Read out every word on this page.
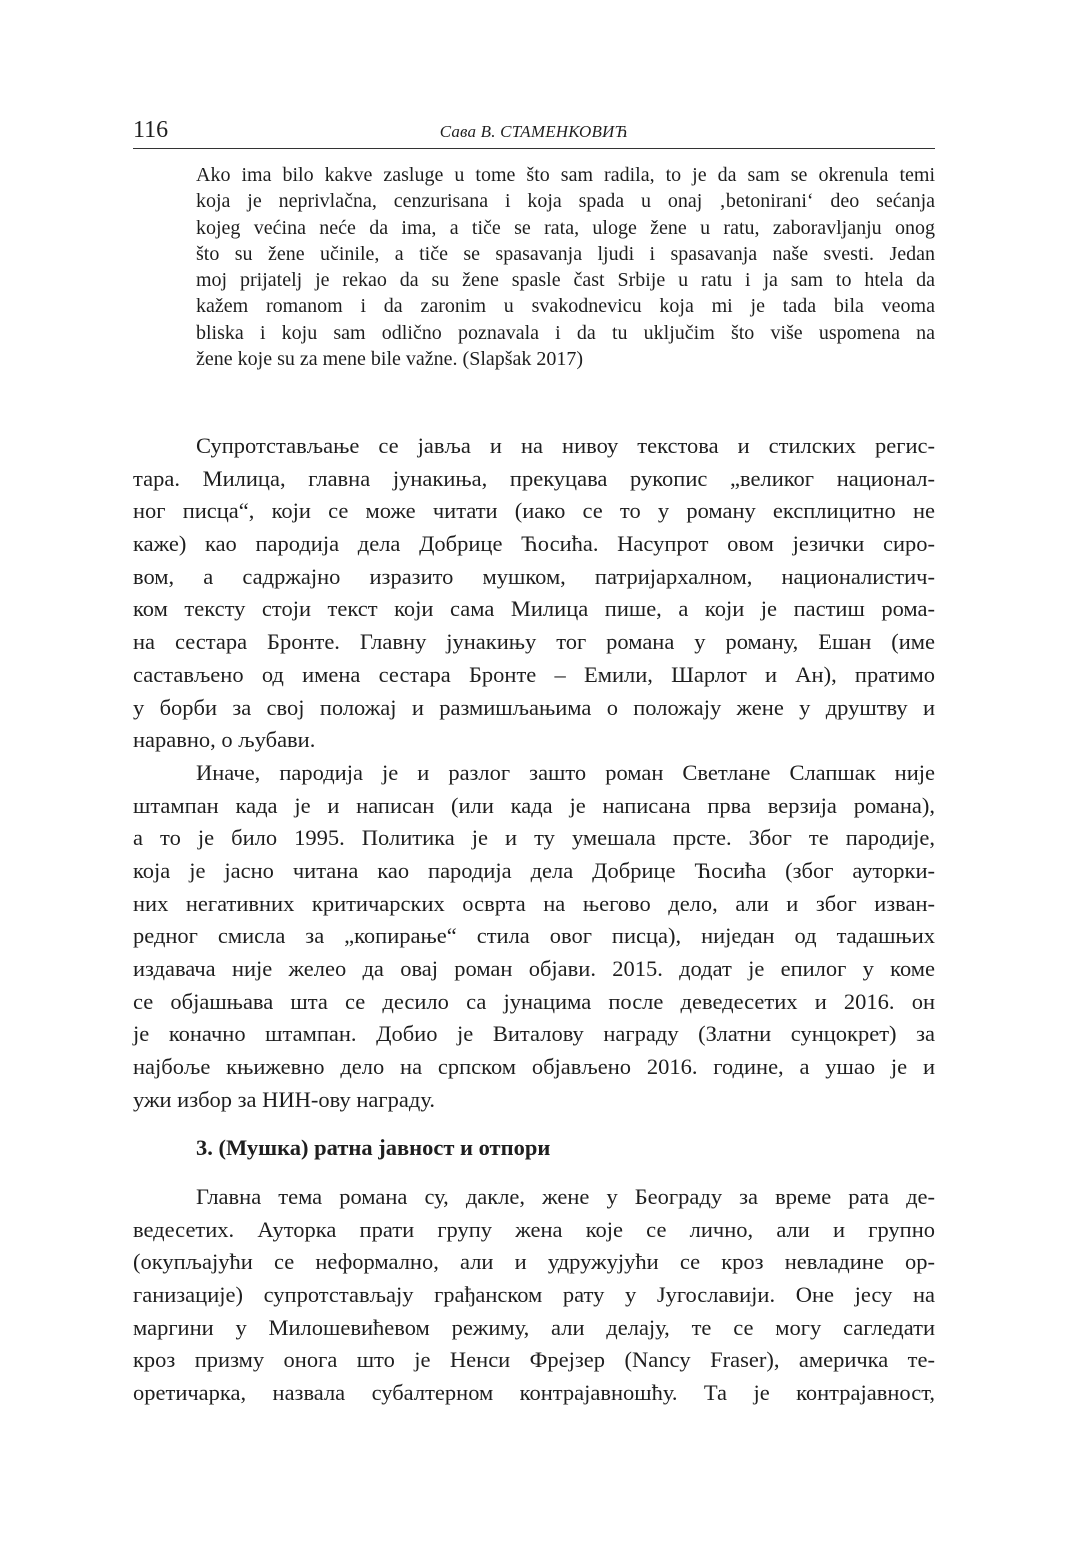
116	Сава В. СТАМЕНКОВИЋ
Ako ima bilo kakve zasluge u tome što sam radila, to je da sam se okrenula temi
koja je neprivlačna, cenzurisana i koja spada u onaj ‚betonirani‘ deo sećanja
kojeg većina neće da ima, a tiče se rata, uloge žene u ratu, zaboravljanju onog
što su žene učinile, a tiče se spasavanja ljudi i spasavanja naše svesti. Jedan
moj prijatelj je rekao da su žene spasle čast Srbije u ratu i ja sam to htela da
kažem romanom i da zaronim u svakodnevicu koja mi je tada bila veoma
bliska i koju sam odlično poznavala i da tu uključim što više uspomena na
žene koje su za mene bile važne. (Slapšak 2017)
Супротстављање се јавља и на нивоу текстова и стилских регис-
тара. Милица, главна јунакиња, прекуцава рукопис „великог национал-
ног писца“, који се може читати (иако се то у роману експлицитно не
каже) као пародија дела Добрице Ћосића. Насупрот овом језички сиро-
вом, а садржајно изразито мушком, патријархалном, националистич-
ком тексту стоји текст који сама Милица пише, а који је пастиш рома-
на сестара Бронте. Главну јунакињу тог романа у роману, Ешан (име
састављено од имена сестара Бронте – Емили, Шарлот и Ан), пратимо
у борби за свој положај и размишљањима о положају жене у друштву и
наравно, о љубави.
Иначе, пародија је и разлог зашто роман Светлане Слапшак није
штампан када је и написан (или када је написана прва верзија романа),
а то је било 1995. Политика је и ту умешала прсте. Због те пародије,
која је јасно читана као пародија дела Добрице Ћосића (због ауторки-
них негативних критичарских осврта на његово дело, али и због изван-
редног смисла за „копирање“ стила овог писца), ниједан од тадашњих
издавача није желео да овај роман објави. 2015. додат је епилог у коме
се објашњава шта се десило са јунацима после деведесетих и 2016. он
је коначно штампан. Добио је Виталову награду (Златни сунцокрет) за
најбоље књижевно дело на српском објављено 2016. године, а ушао је и
ужи избор за НИН-ову награду.
3. (Мушка) ратна јавност и отпори
Главна тема романа су, дакле, жене у Београду за време рата де-
ведесетих. Ауторка прати групу жена које се лично, али и групно
(окупљајући се неформално, али и удружујући се кроз невладине ор-
ганизације) супротстављају грађанском рату у Југославији. Оне јесу на
маргини у Милошевићевом режиму, али делају, те се могу сагледати
кроз призму онога што је Ненси Фрејзер (Nancy Fraser), америчка те-
оретичарка, назвала субалтерном контрајавношћу. Та је контрајавност,
